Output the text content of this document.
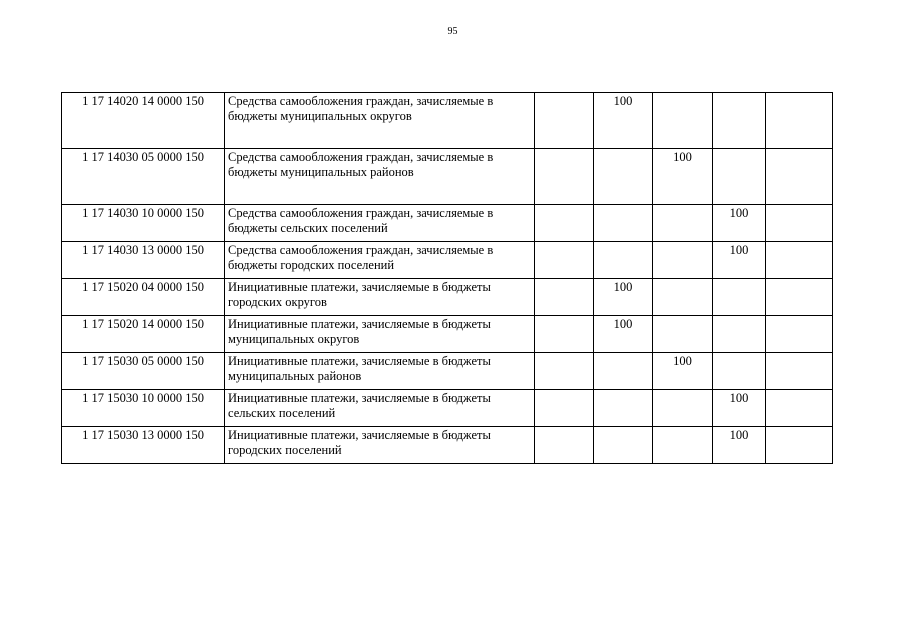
95
1 17 14020 14 0000 150	Средства самообложения граждан, зачисляемые в бюджеты муниципальных округов		100			
1 17 14030 05 0000 150	Средства самообложения граждан, зачисляемые в бюджеты муниципальных районов			100		
1 17 14030 10 0000 150	Средства самообложения граждан, зачисляемые в бюджеты сельских поселений				100	
1 17 14030 13 0000 150	Средства самообложения граждан, зачисляемые в бюджеты городских поселений				100	
1 17 15020 04 0000 150	Инициативные платежи, зачисляемые в бюджеты городских округов		100			
1 17 15020 14 0000 150	Инициативные платежи, зачисляемые в бюджеты муниципальных округов		100			
1 17 15030 05 0000 150	Инициативные платежи, зачисляемые в бюджеты муниципальных районов			100		
1 17 15030 10 0000 150	Инициативные платежи, зачисляемые в бюджеты сельских поселений				100	
1 17 15030 13 0000 150	Инициативные платежи, зачисляемые в бюджеты городских поселений				100	
